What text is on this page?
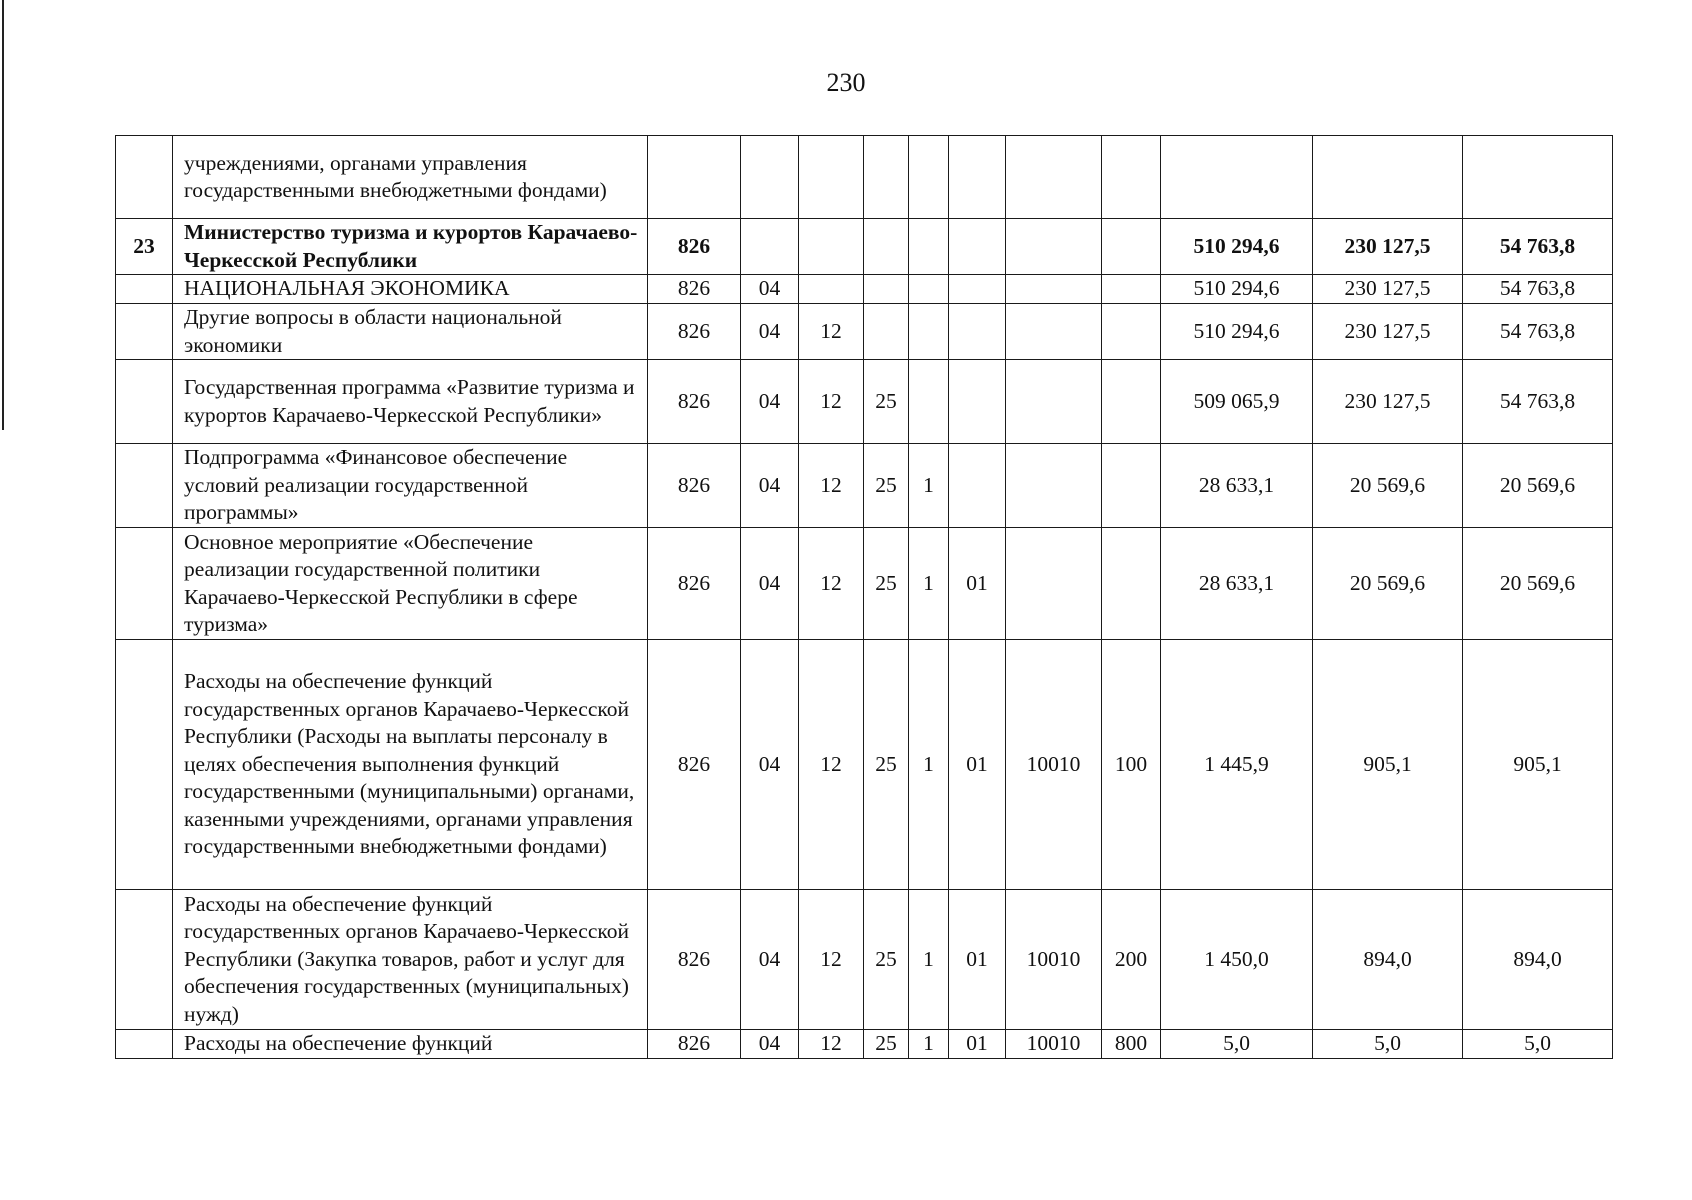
230
	учреждениями, органами управления государственными внебюджетными фондами)											
23	Министерство туризма и курортов Карачаево-Черкесской Республики	826								510 294,6	230 127,5	54 763,8
	НАЦИОНАЛЬНАЯ ЭКОНОМИКА	826	04							510 294,6	230 127,5	54 763,8
	Другие вопросы в области национальной экономики	826	04	12						510 294,6	230 127,5	54 763,8
	Государственная программа «Развитие туризма и курортов Карачаево-Черкесской Республики»	826	04	12	25					509 065,9	230 127,5	54 763,8
	Подпрограмма «Финансовое обеспечение условий реализации государственной программы»	826	04	12	25	1				28 633,1	20 569,6	20 569,6
	Основное мероприятие «Обеспечение реализации государственной политики Карачаево-Черкесской Республики в сфере туризма»	826	04	12	25	1	01			28 633,1	20 569,6	20 569,6
	Расходы на обеспечение функций государственных органов Карачаево-Черкесской Республики (Расходы на выплаты персоналу в целях обеспечения выполнения функций государственными (муниципальными) органами, казенными учреждениями, органами управления государственными внебюджетными фондами)	826	04	12	25	1	01	10010	100	1 445,9	905,1	905,1
	Расходы на обеспечение функций государственных органов Карачаево-Черкесской Республики (Закупка товаров, работ и услуг для обеспечения государственных (муниципальных) нужд)	826	04	12	25	1	01	10010	200	1 450,0	894,0	894,0
	Расходы на обеспечение функций	826	04	12	25	1	01	10010	800	5,0	5,0	5,0
